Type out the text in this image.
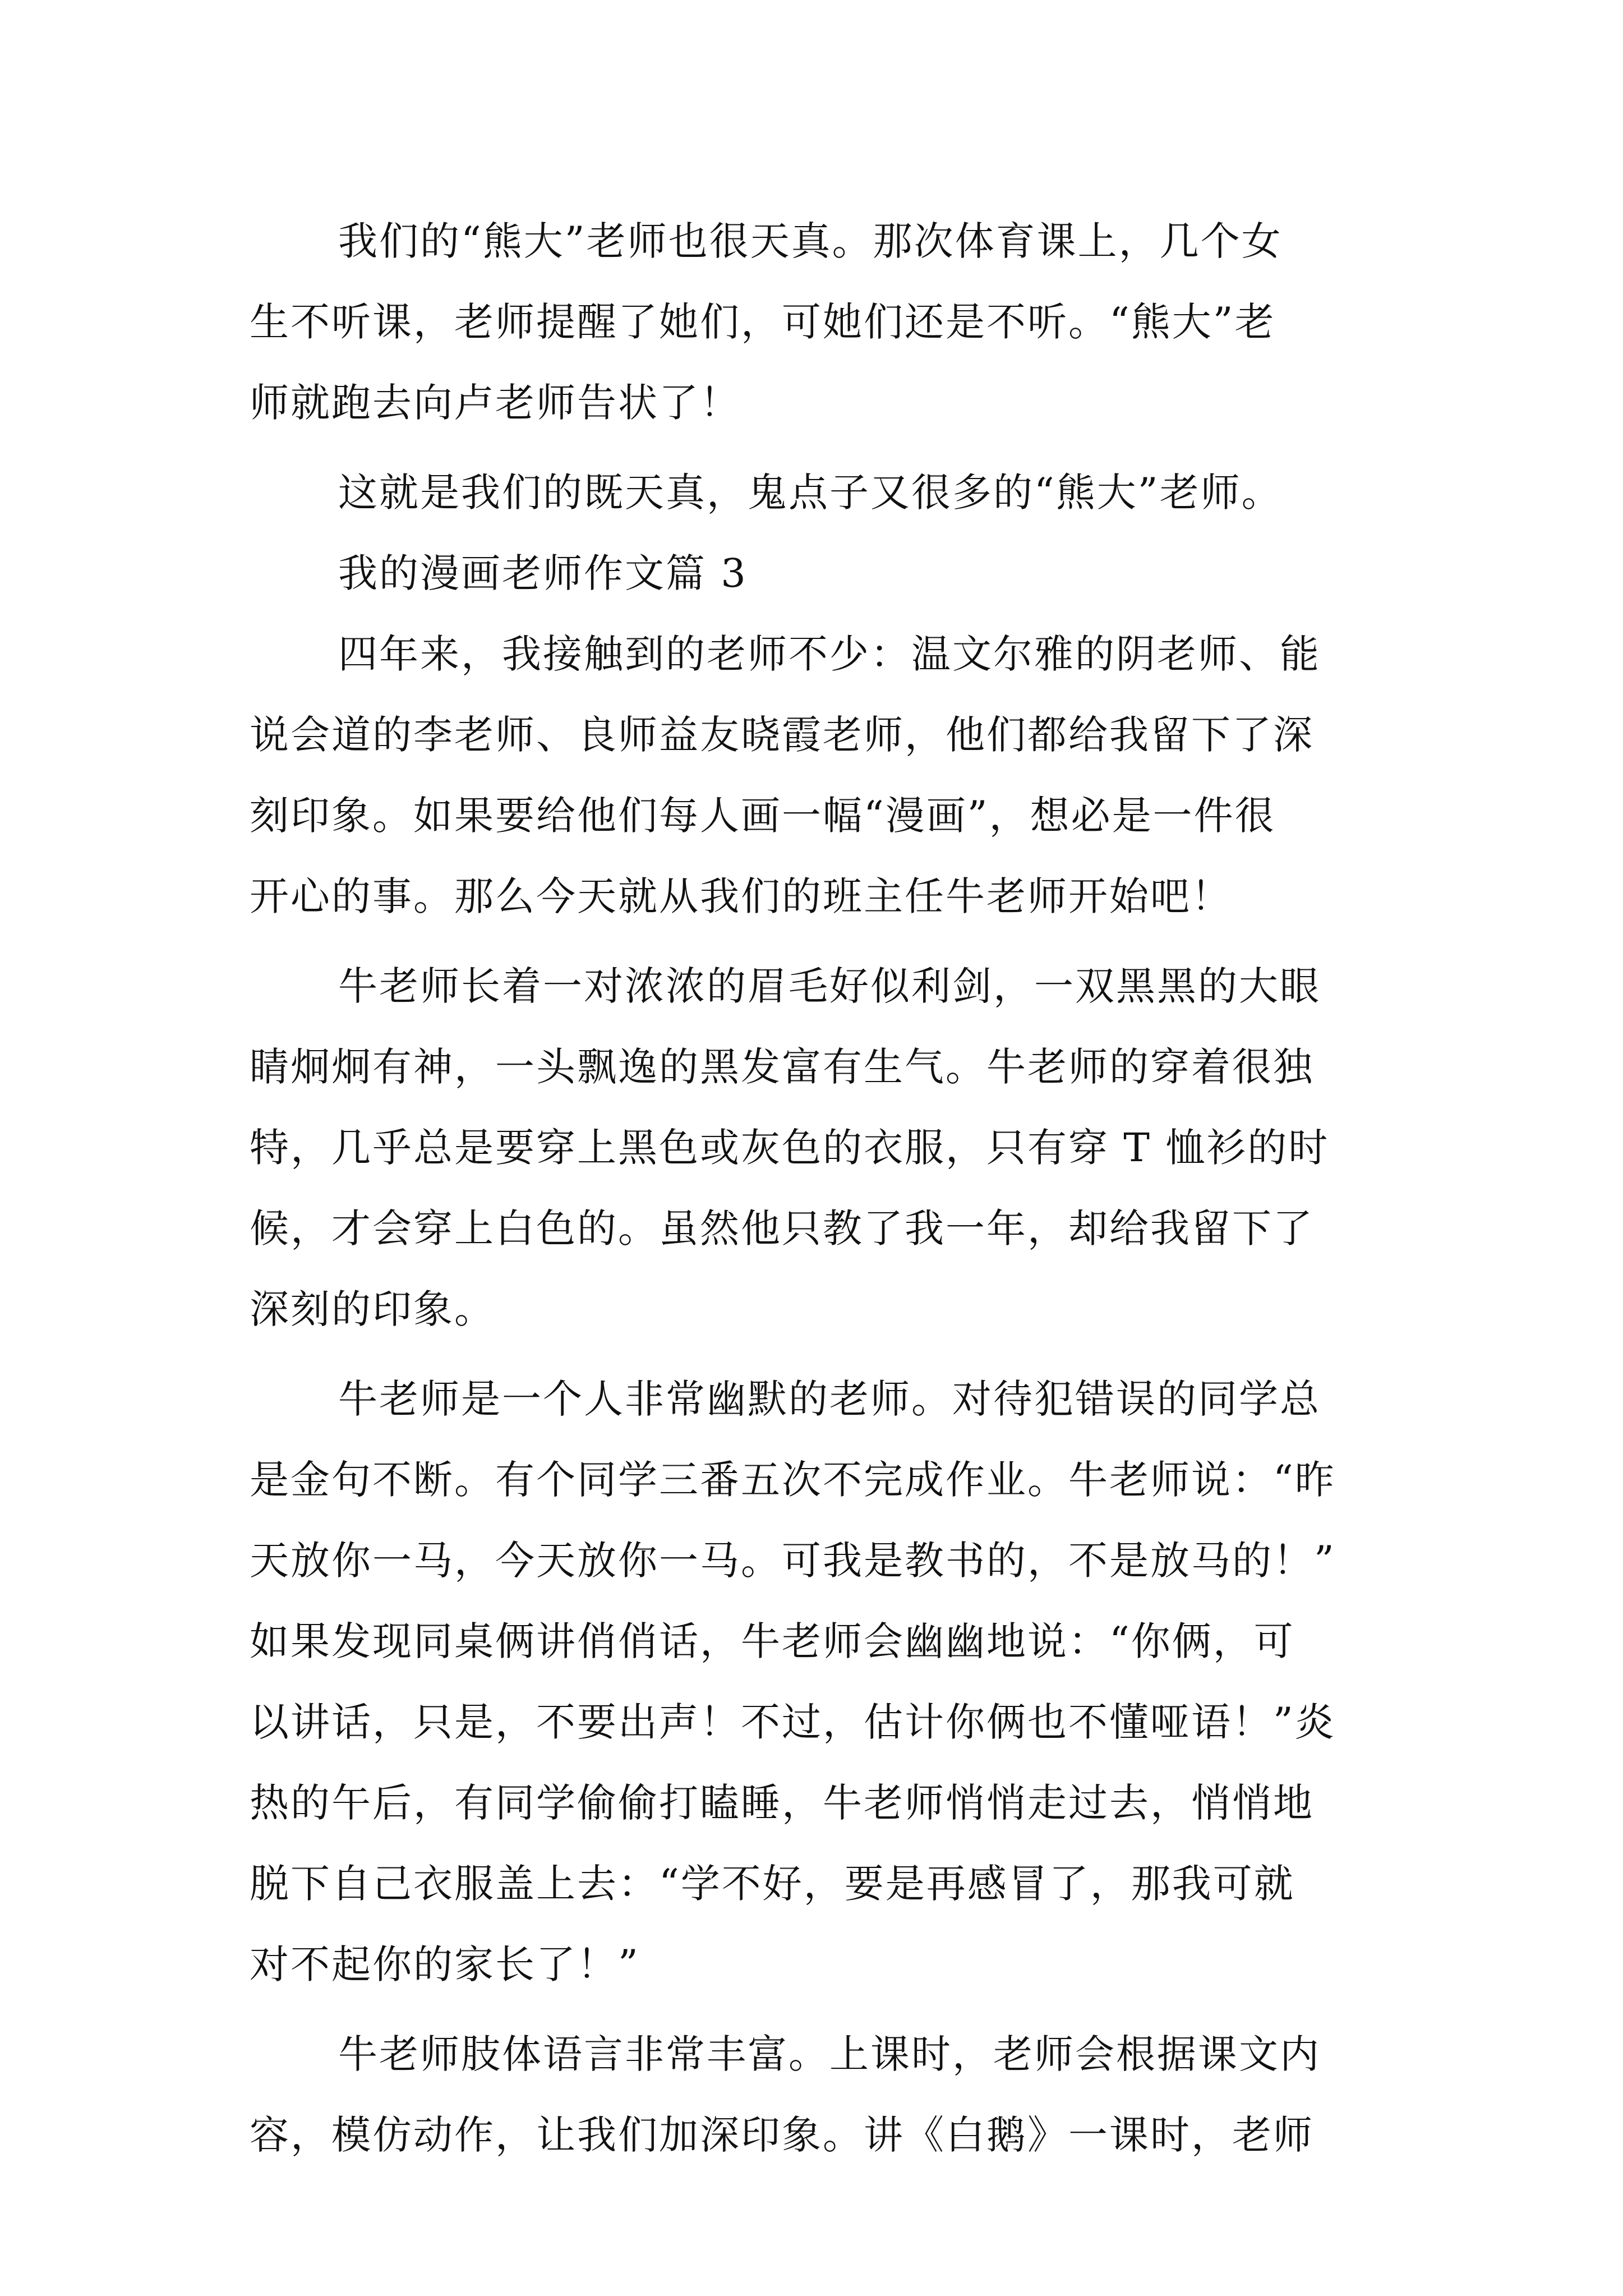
我们的“熊大”老师也很天真。那次体育课上，几个女
生不听课，老师提醒了她们，可她们还是不听。“熊大”老
师就跑去向卢老师告状了！
这就是我们的既天真，鬼点子又很多的“熊大”老师。
我的漫画老师作文篇 3
四年来，我接触到的老师不少：温文尔雅的阴老师、能
说会道的李老师、良师益友晓霞老师，他们都给我留下了深
刻印象。如果要给他们每人画一幅“漫画”，想必是一件很
开心的事。那么今天就从我们的班主任牛老师开始吧！
牛老师长着一对浓浓的眉毛好似利剑，一双黑黑的大眼
睛炯炯有神，一头飘逸的黑发富有生气。牛老师的穿着很独
特，几乎总是要穿上黑色或灰色的衣服，只有穿 T 恤衫的时
候，才会穿上白色的。虽然他只教了我一年，却给我留下了
深刻的印象。
牛老师是一个人非常幽默的老师。对待犯错误的同学总
是金句不断。有个同学三番五次不完成作业。牛老师说：“昨
天放你一马，今天放你一马。可我是教书的，不是放马的！”
如果发现同桌俩讲俏俏话，牛老师会幽幽地说：“你俩，可
以讲话，只是，不要出声！不过，估计你俩也不懂哑语！”炎
热的午后，有同学偷偷打瞌睡，牛老师悄悄走过去，悄悄地
脱下自己衣服盖上去：“学不好，要是再感冒了，那我可就
对不起你的家长了！”
牛老师肢体语言非常丰富。上课时，老师会根据课文内
容，模仿动作，让我们加深印象。讲《白鹅》一课时，老师
